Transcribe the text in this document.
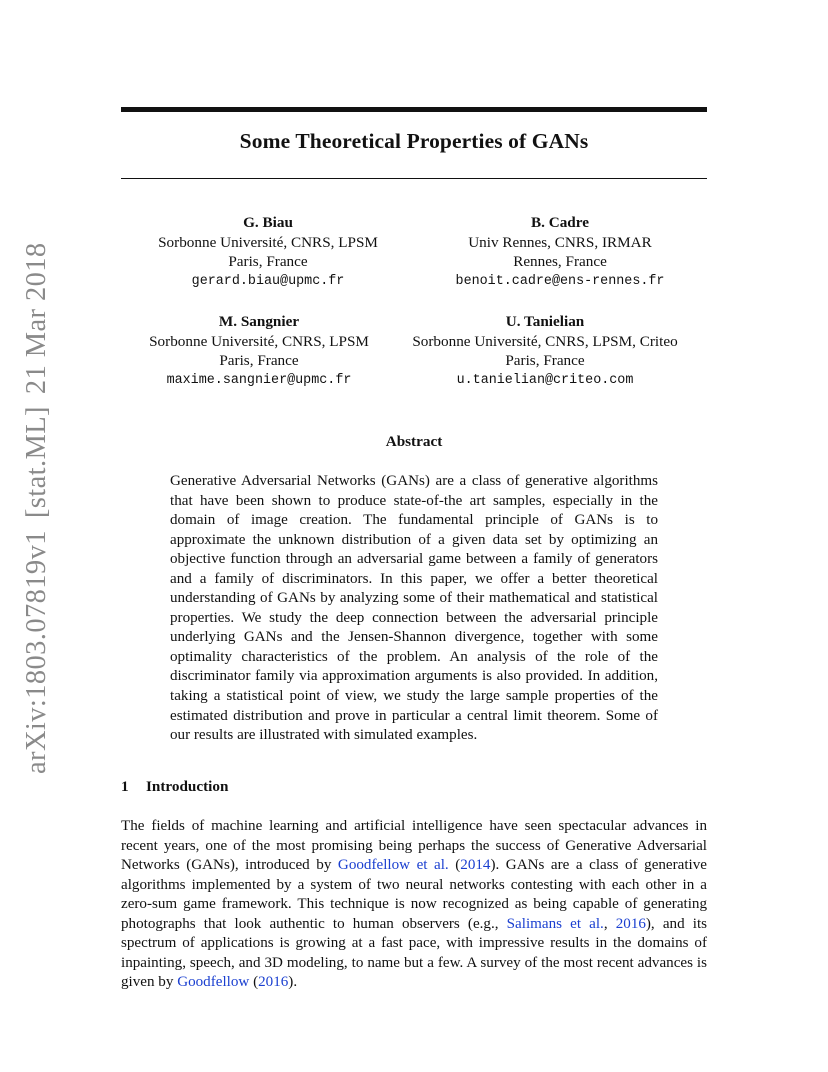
arXiv:1803.07819v1[stat.ML]21 Mar 2018
Some Theoretical Properties of GANs
G. Biau
Sorbonne Université, CNRS, LPSM
Paris, France
gerard.biau@upmc.fr
B. Cadre
Univ Rennes, CNRS, IRMAR
Rennes, France
benoit.cadre@ens-rennes.fr
M. Sangnier
Sorbonne Université, CNRS, LPSM
Paris, France
maxime.sangnier@upmc.fr
U. Tanielian
Sorbonne Université, CNRS, LPSM, Criteo
Paris, France
u.tanielian@criteo.com
Abstract
Generative Adversarial Networks (GANs) are a class of generative algorithms that have been shown to produce state-of-the art samples, especially in the domain of image creation. The fundamental principle of GANs is to approximate the unknown distribution of a given data set by optimizing an objective function through an adversarial game between a family of generators and a family of discriminators. In this paper, we offer a better theoretical understanding of GANs by analyzing some of their mathematical and statistical properties. We study the deep connection between the adversarial principle underlying GANs and the Jensen-Shannon divergence, together with some optimality characteristics of the problem. An analysis of the role of the discriminator family via approximation arguments is also provided. In addition, taking a statistical point of view, we study the large sample properties of the estimated distribution and prove in particular a central limit theorem. Some of our results are illustrated with simulated examples.
1 Introduction
The fields of machine learning and artificial intelligence have seen spectacular advances in recent years, one of the most promising being perhaps the success of Generative Adversarial Networks (GANs), introduced by Goodfellow et al. (2014). GANs are a class of generative algorithms implemented by a system of two neural networks contesting with each other in a zero-sum game framework. This technique is now recognized as being capable of generating photographs that look authentic to human observers (e.g., Salimans et al., 2016), and its spectrum of applications is growing at a fast pace, with impressive results in the domains of inpainting, speech, and 3D modeling, to name but a few. A survey of the most recent advances is given by Goodfellow (2016).
